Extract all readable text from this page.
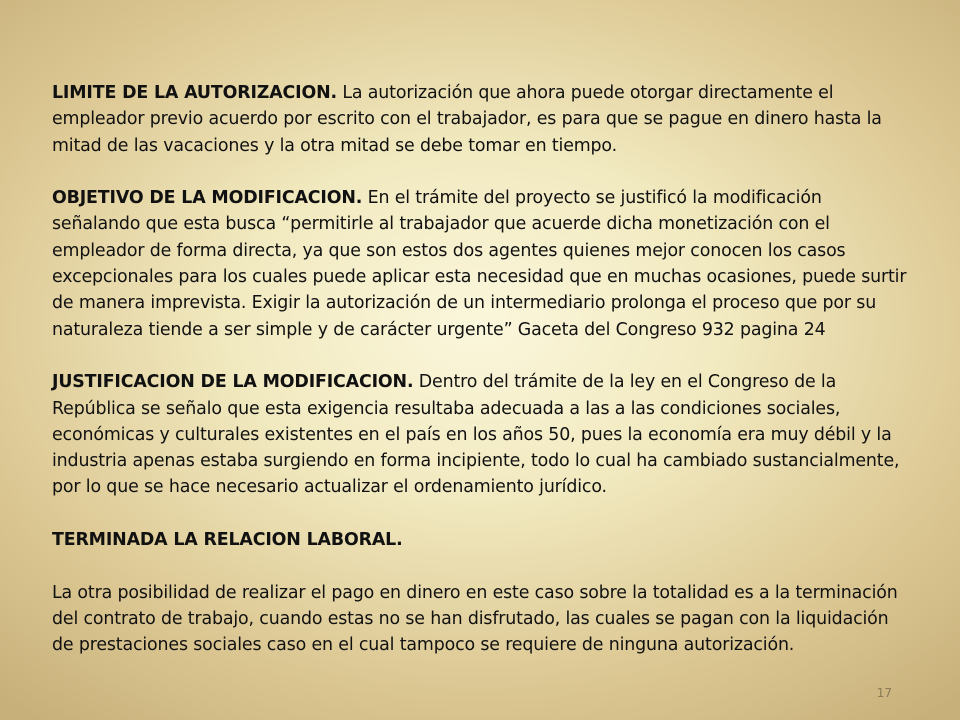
LIMITE DE LA AUTORIZACION. La autorización que ahora puede otorgar directamente el empleador previo acuerdo por escrito con el trabajador, es para que se pague en dinero hasta la mitad de las vacaciones y la otra mitad se debe tomar en tiempo.

OBJETIVO DE LA MODIFICACION. En el trámite del proyecto se justificó la modificación señalando que esta busca “permitirle al trabajador que acuerde dicha monetización con el empleador de forma directa, ya que son estos dos agentes quienes mejor conocen los casos excepcionales para los cuales puede aplicar esta necesidad que en muchas ocasiones, puede surtir de manera imprevista. Exigir la autorización de un intermediario prolonga el proceso que por su naturaleza tiende a ser simple y de carácter urgente” Gaceta del Congreso 932 pagina 24

JUSTIFICACION DE LA MODIFICACION. Dentro del trámite de la ley en el Congreso de la República se señalo que esta exigencia resultaba adecuada a las a las condiciones sociales, económicas y culturales existentes en el país en los años 50, pues la economía era muy débil y la industria apenas estaba surgiendo en forma incipiente, todo lo cual ha cambiado sustancialmente, por lo que se hace necesario actualizar el ordenamiento jurídico.

TERMINADA LA RELACION LABORAL.

La otra posibilidad de realizar el pago en dinero en este caso sobre la totalidad es a la terminación del contrato de trabajo, cuando estas no se han disfrutado, las cuales se pagan con la liquidación de prestaciones sociales caso en el cual tampoco se requiere de ninguna autorización.

17
